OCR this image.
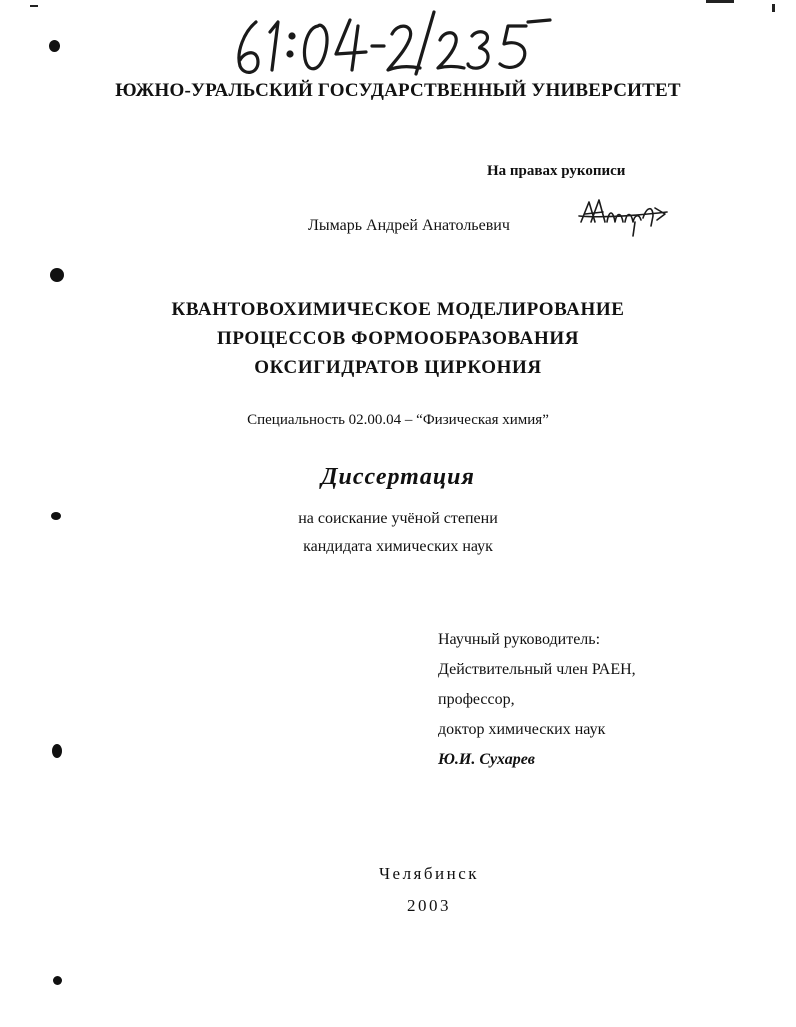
ЮЖНО-УРАЛЬСКИЙ ГОСУДАРСТВЕННЫЙ УНИВЕРСИТЕТ
На правах рукописи
Лымарь Андрей Анатольевич
КВАНТОВОХИМИЧЕСКОЕ МОДЕЛИРОВАНИЕ
ПРОЦЕССОВ ФОРМООБРАЗОВАНИЯ
ОКСИГИДРАТОВ ЦИРКОНИЯ
Специальность 02.00.04 – “Физическая химия”
Диссертация
на соискание учёной степени
кандидата химических наук
Научный руководитель:
Действительный член РАЕН,
профессор,
доктор химических наук
Ю.И. Сухарев
Челябинск
2003
